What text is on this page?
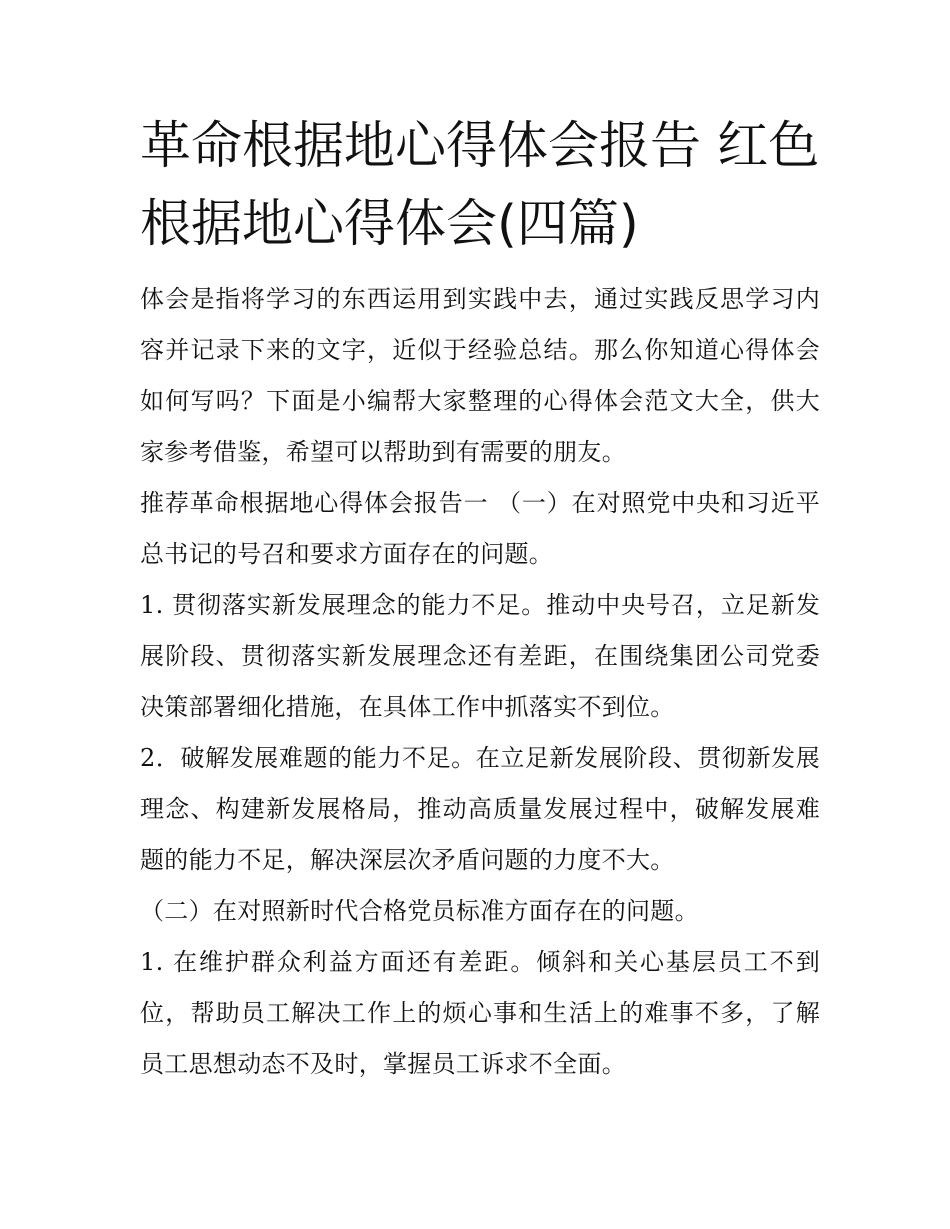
革命根据地心得体会报告 红色根据地心得体会(四篇)

体会是指将学习的东西运用到实践中去，通过实践反思学习内容并记录下来的文字，近似于经验总结。那么你知道心得体会如何写吗？下面是小编帮大家整理的心得体会范文大全，供大家参考借鉴，希望可以帮助到有需要的朋友。

推荐革命根据地心得体会报告一 （一）在对照党中央和习近平总书记的号召和要求方面存在的问题。

1. 贯彻落实新发展理念的能力不足。推动中央号召，立足新发展阶段、贯彻落实新发展理念还有差距，在围绕集团公司党委决策部署细化措施，在具体工作中抓落实不到位。

2．破解发展难题的能力不足。在立足新发展阶段、贯彻新发展理念、构建新发展格局，推动高质量发展过程中，破解发展难题的能力不足，解决深层次矛盾问题的力度不大。

（二）在对照新时代合格党员标准方面存在的问题。

1. 在维护群众利益方面还有差距。倾斜和关心基层员工不到位，帮助员工解决工作上的烦心事和生活上的难事不多，了解员工思想动态不及时，掌握员工诉求不全面。
